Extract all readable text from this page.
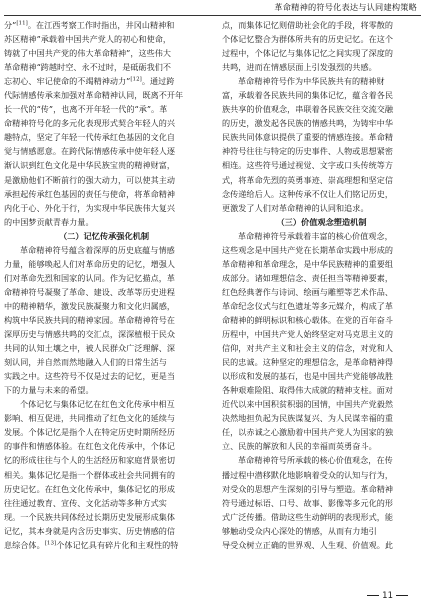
革命精神的符号化表达与认同建构策略
分”[11]。在江西考察工作时指出，井冈山精神和
苏区精神”承载着中国共产党人的初心和使命，
铸就了中国共产党的伟大革命精神”，这些伟大
革命精神“跨越时空、永不过时，是砥砺我们不
忘初心、牢记使命的不竭精神动力”[12]。通过跨
代际情感传承来加强对革命精神认同，既离不开年
长一代的“传”，也离不开年轻一代的“承”。革
命精神符号化的多元化表现形式契合年轻人的兴
趣特点，坚定了年轻一代传承红色基因的文化自
觉与情感愿意。在跨代际情感传承中使年轻人逐
渐认识到红色文化是中华民族宝贵的精神财富，
是激励他们不断前行的强大动力，可以使其主动
承担起传承红色基因的责任与使命，将革命精神
内化于心、外化于行，为实现中华民族伟大复兴
的中国梦贡献青春力量。
（二）记忆传承强化机制
革命精神符号蕴含着深厚的历史底蕴与情感
力量，能够唤起人们对革命历史的记忆，增强人
们对革命先烈和国家的认同。作为记忆描点，革
命精神符号凝聚了革命、建设、改革等历史进程
中的精神精华，激发民族凝聚力和文化归属感，
构筑中华民族共同的精神家园。革命精神符号在
深厚历史与情感共鸣的交汇点，深深植根于民众
共同的认知土壤之中，被人民群众广泛理解、深
刻认同，并自然而然地融入人们的日常生活与
实践之中。这些符号不仅是过去的记忆，更是当
下的力量与未来的希望。
个体记忆与集体记忆在红色文化传承中相互
影响、相互促进，共同推动了红色文化的延续与
发展。个体记忆是指个人在特定历史时期所经历
的事件和情感体验。在红色文化传承中，个体记
忆的形成往往与个人的生活经历和家庭背景密切
相关。集体记忆是指一个群体或社会共同拥有的
历史记忆。在红色文化传承中，集体记忆的形成
往往通过教育、宣传、文化活动等多种方式实
现。一个民族共同体经过长期历史发展形成集体
记忆，其本身就是内含历史事实、历史情感的信
息综合体。[13]个体记忆具有碎片化和主观性的特
点，而集体记忆则借助社会化的手段，将零散的
个体记忆整合为群体所共有的历史记忆。在这个
过程中，个体记忆与集体记忆之间实现了深度的
共鸣，进而在情感层面上引发强烈的共感。
革命精神符号作为中华民族共有的精神财
富，承载着各民族共同的集体记忆，蕴含着各民
族共享的价值观念，串联着各民族交往交流交融
的历史，激发起各民族的情感共鸣，为铸牢中华
民族共同体意识提供了重要的情感连接。革命精
神符号往往与特定的历史事件、人物或思想紧密
相连。这些符号通过视觉、文字或口头传统等方
式，将革命先烈的英勇事迹、崇高理想和坚定信
念传递给后人。这种传承不仅让人们铭记历史，
更激发了人们对革命精神的认同和追求。
（三）价值观念塑造机制
革命精神符号承载着丰富的核心价值观念，
这些观念是中国共产党在长期革命实践中形成的
革命精神和革命理念，是中华民族精神的重要组
成部分。诸如理想信念、责任担当等精神要素，
红色经典著作与诗词、绘画与雕塑等艺术作品、
革命纪念仪式与红色遗址等多元媒介，构成了革
命精神的鲜明标识和核心载体。在党的百年奋斗
历程中，中国共产党人始终坚定对马克思主义的
信仰，对共产主义和社会主义的信念，对党和人
民的忠诚。这种坚定的理想信念，是革命精神得
以形成和发展的基石，也是中国共产党能够战胜
各种艰难险阻、取得伟大成就的精神支柱。面对
近代以来中国积贫积弱的国情，中国共产党毅然
决然地担负起为民族谋复兴、为人民谋幸福的重
任，以赤诚之心激励着中国共产党人为国家的独
立、民族的解放和人民的幸福而英勇奋斗。
革命精神符号所承载的核心价值观念，在传
播过程中潜移默化地影响着受众的认知与行为，
对受众的思想产生深刻的引导与塑造。革命精神
符号通过标语、口号、故事、影像等多元化的形
式广泛传播。借助这些生动鲜明的表现形式，能
够触动受众内心深处的情感，从而有力地引
导受众树立正确的世界观、人生观、价值观。此
11
